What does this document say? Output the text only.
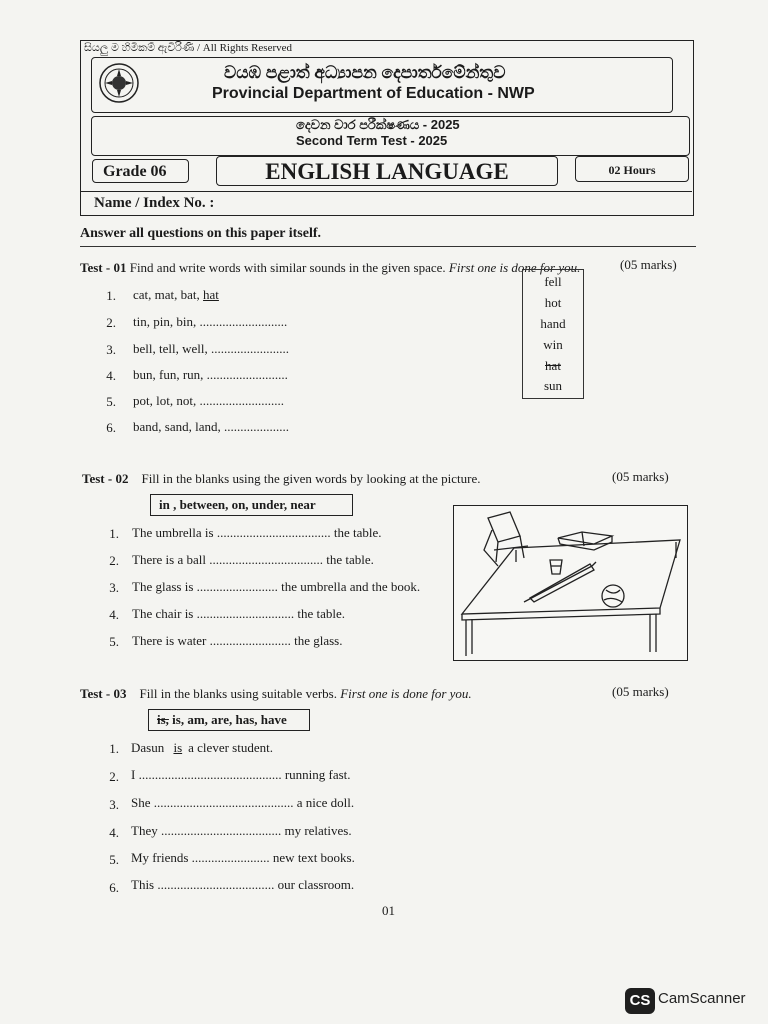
සියලු ම හිමිකම් ඇවිරිණි / All Rights Reserved
වයඹ පළාත් අධ්‍යාපන දෙපාර්තමේන්තුව
Provincial Department of Education - NWP
දෙවන වාර පරීක්ෂණය - 2025
Second Term Test - 2025
Grade 06	ENGLISH LANGUAGE	02 Hours
Name / Index No. :
Answer all questions on this paper itself.
Test - 01 Find and write words with similar sounds in the given space. First one is done for you.	(05 marks)
1. cat, mat, bat, hat
2. tin, pin, bin, ...........................
3. bell, tell, well, ........................
4. bun, fun, run, .........................
5. pot, lot, not, ..........................
6. band, sand, land, ....................
fell
hot
hand
win
hat
sun
Test - 02 Fill in the blanks using the given words by looking at the picture.	(05 marks)
in , between, on, under, near
1. The umbrella is ................................... the table.
2. There is a ball ................................... the table.
3. The glass is ......................... the umbrella and the book.
4. The chair is .............................. the table.
5. There is water ......................... the glass.
Test - 03 Fill in the blanks using suitable verbs. First one is done for you.	(05 marks)
is, is, am, are, has, have
1. Dasun is a clever student.
2. I ............................................ running fast.
3. She ........................................... a nice doll.
4. They ..................................... my relatives.
5. My friends ........................ new text books.
6. This .................................... our classroom.
01
CS CamScanner
